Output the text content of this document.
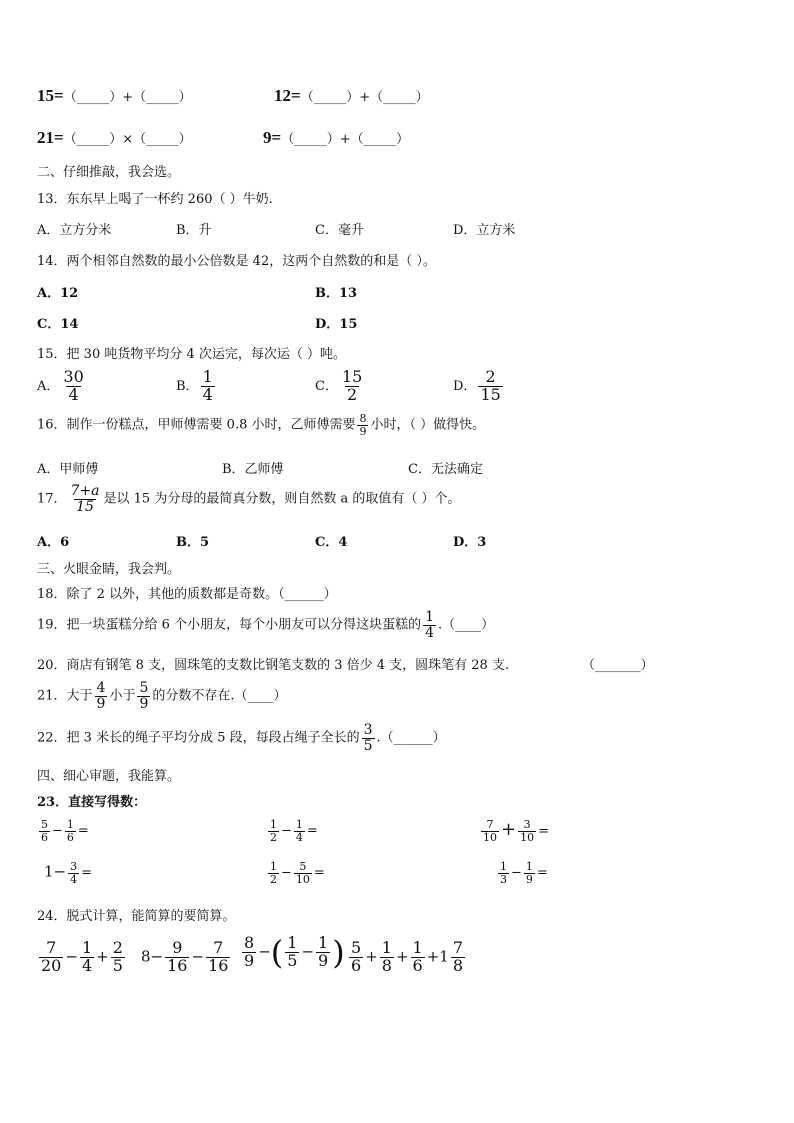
15=（_____）+（_____）	12=（_____）+（_____）
21=（_____）×（_____）	9=（_____）+（_____）
二、仔细推敲，我会选。
13．东东早上喝了一杯约 260（ ）牛奶.
A．立方分米	B．升	C．毫升	D．立方米
14．两个相邻自然数的最小公倍数是 42，这两个自然数的和是（ ）。
A．12	B．13
C．14	D．15
15．把 30 吨货物平均分 4 次运完，每次运（ ）吨。
A． $\frac{30}{4}$	B． $\frac{1}{4}$	C． $\frac{15}{2}$	D． $\frac{2}{15}$
16．制作一份糕点，甲师傅需要 0.8 小时，乙师傅需要 $\frac{8}{9}$ 小时，（ ）做得快。
A．甲师傅	B．乙师傅	C．无法确定
17． $\frac{7+a}{15}$ 是以 15 为分母的最简真分数，则自然数 a 的取值有（ ）个。
A．6	B．5	C．4	D．3
三、火眼金睛，我会判。
18．除了 2 以外，其他的质数都是奇数。（______）
19．把一块蛋糕分给 6 个小朋友，每个小朋友可以分得这块蛋糕的 $\frac{1}{4}$ .（____）
20．商店有钢笔 8 支，圆珠笔的支数比钢笔支数的 3 倍少 4 支，圆珠笔有 28 支.	（_______）
21．大于 $\frac{4}{9}$ 小于 $\frac{5}{9}$ 的分数不存在.（____）
22．把 3 米长的绳子平均分成 5 段，每段占绳子全长的 $\frac{3}{5}$ .（______）
四、细心审题，我能算。
23．直接写得数：
$\frac{5}{6} - \frac{1}{6}$ =	$\frac{1}{2} - \frac{1}{4}$ =	$\frac{7}{10} + \frac{3}{10}$ =
$1- \frac{3}{4}$ =	$\frac{1}{2} - \frac{5}{10}$ =	$\frac{1}{3} - \frac{1}{9}$ =
24．脱式计算，能简算的要简算。
$\frac{7}{20} - \frac{1}{4} + \frac{2}{5} 8- \frac{9}{16} - \frac{7}{16} \frac{8}{9}$ −( $\frac{1}{5} - \frac{1}{9}$ ) $\frac{5}{6} + \frac{1}{8} + \frac{1}{6} +1 \frac{7}{8}$
